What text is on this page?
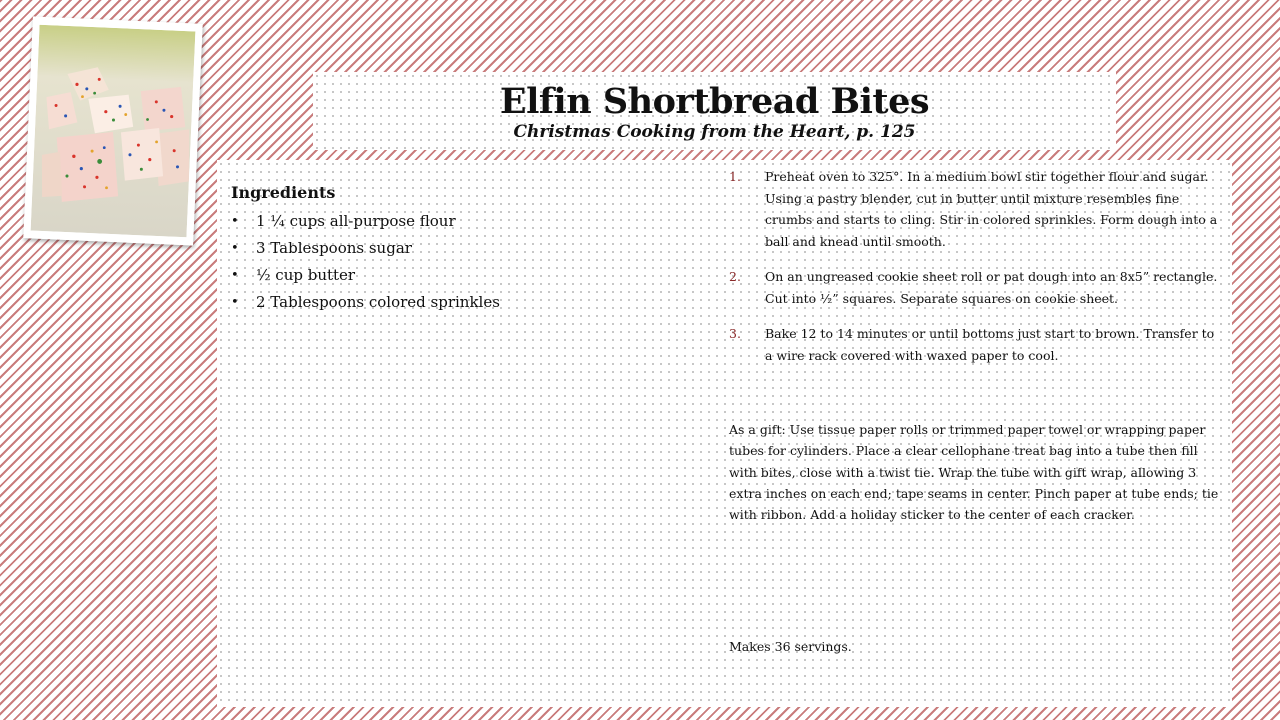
Elfin Shortbread Bites
Christmas Cooking from the Heart, p. 125
Ingredients
• 1 ¼ cups all-purpose flour
• 3 Tablespoons sugar
• ½ cup butter
• 2 Tablespoons colored sprinkles
1. Preheat oven to 325°. In a medium bowl stir together flour and sugar. Using a pastry blender, cut in butter until mixture resembles fine crumbs and starts to cling. Stir in colored sprinkles. Form dough into a ball and knead until smooth.
2. On an ungreased cookie sheet roll or pat dough into an 8x5” rectangle. Cut into ½” squares. Separate squares on cookie sheet.
3. Bake 12 to 14 minutes or until bottoms just start to brown. Transfer to a wire rack covered with waxed paper to cool.
As a gift: Use tissue paper rolls or trimmed paper towel or wrapping paper tubes for cylinders. Place a clear cellophane treat bag into a tube then fill with bites, close with a twist tie. Wrap the tube with gift wrap, allowing 3 extra inches on each end; tape seams in center. Pinch paper at tube ends; tie with ribbon. Add a holiday sticker to the center of each cracker.
Makes 36 servings.
